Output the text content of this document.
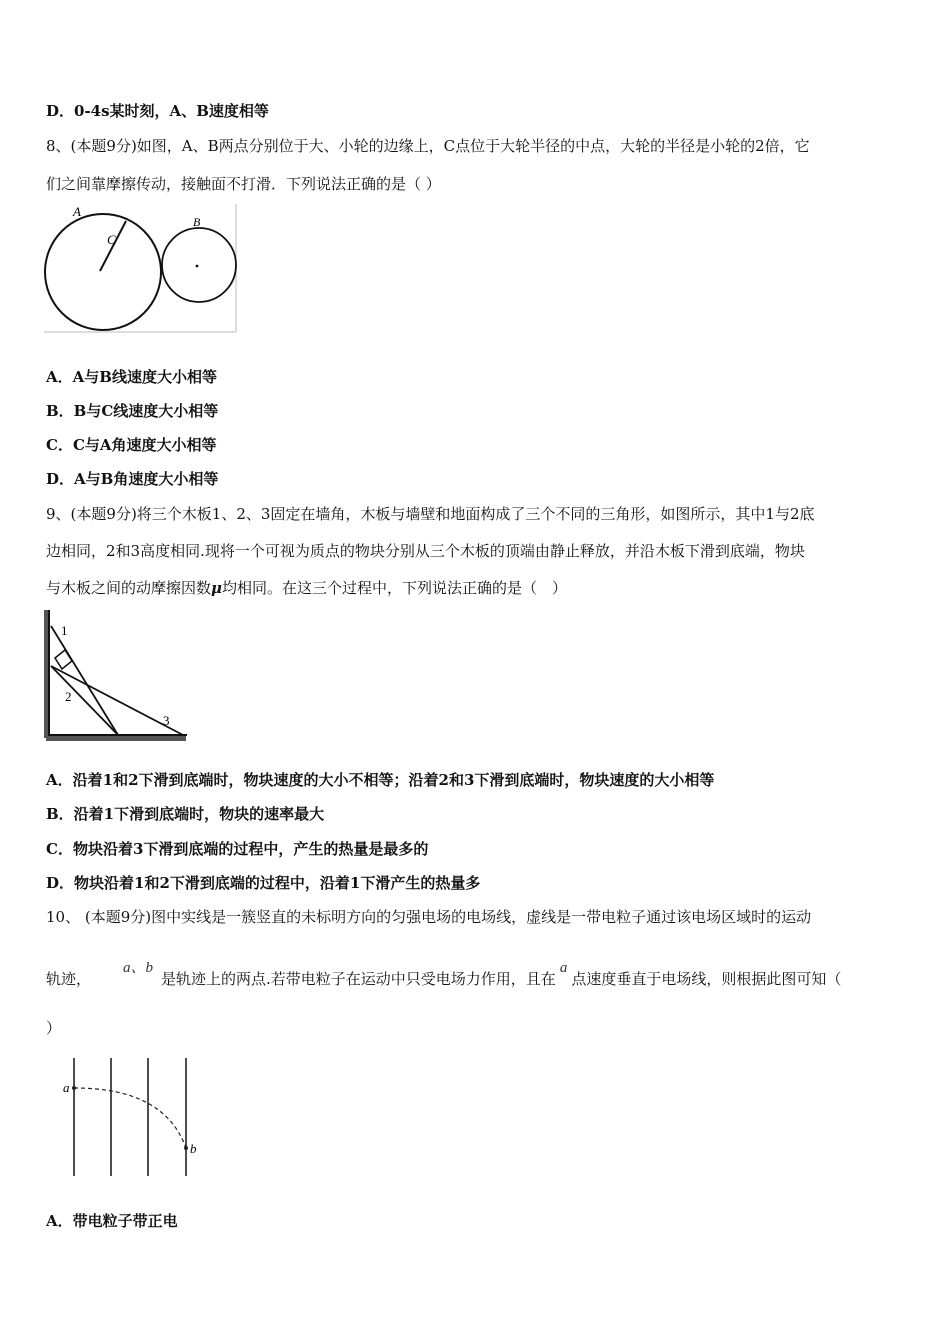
D．0-4s某时刻，A、B速度相等
8、(本题9分)如图，A、B两点分别位于大、小轮的边缘上，C点位于大轮半径的中点，大轮的半径是小轮的2倍，它
们之间靠摩擦传动，接触面不打滑．下列说法正确的是（ ）
A
C
B
A．A与B线速度大小相等
B．B与C线速度大小相等
C．C与A角速度大小相等
D．A与B角速度大小相等
9、(本题9分)将三个木板1、2、3固定在墙角，木板与墙壁和地面构成了三个不同的三角形，如图所示，其中1与2底
边相同，2和3高度相同.现将一个可视为质点的物块分别从三个木板的顶端由静止释放，并沿木板下滑到底端，物块
与木板之间的动摩擦因数μ均相同。在这三个过程中，下列说法正确的是（　）
1
2
3
A．沿着1和2下滑到底端时，物块速度的大小不相等；沿着2和3下滑到底端时，物块速度的大小相等
B．沿着1下滑到底端时，物块的速率最大
C．物块沿着3下滑到底端的过程中，产生的热量是最多的
D．物块沿着1和2下滑到底端的过程中，沿着1下滑产生的热量多
10、 (本题9分)图中实线是一簇竖直的未标明方向的匀强电场的电场线，虚线是一带电粒子通过该电场区域时的运动
轨迹，a、b是轨迹上的两点.若带电粒子在运动中只受电场力作用，且在a点速度垂直于电场线，则根据此图可知（
）
a
b
A．带电粒子带正电
